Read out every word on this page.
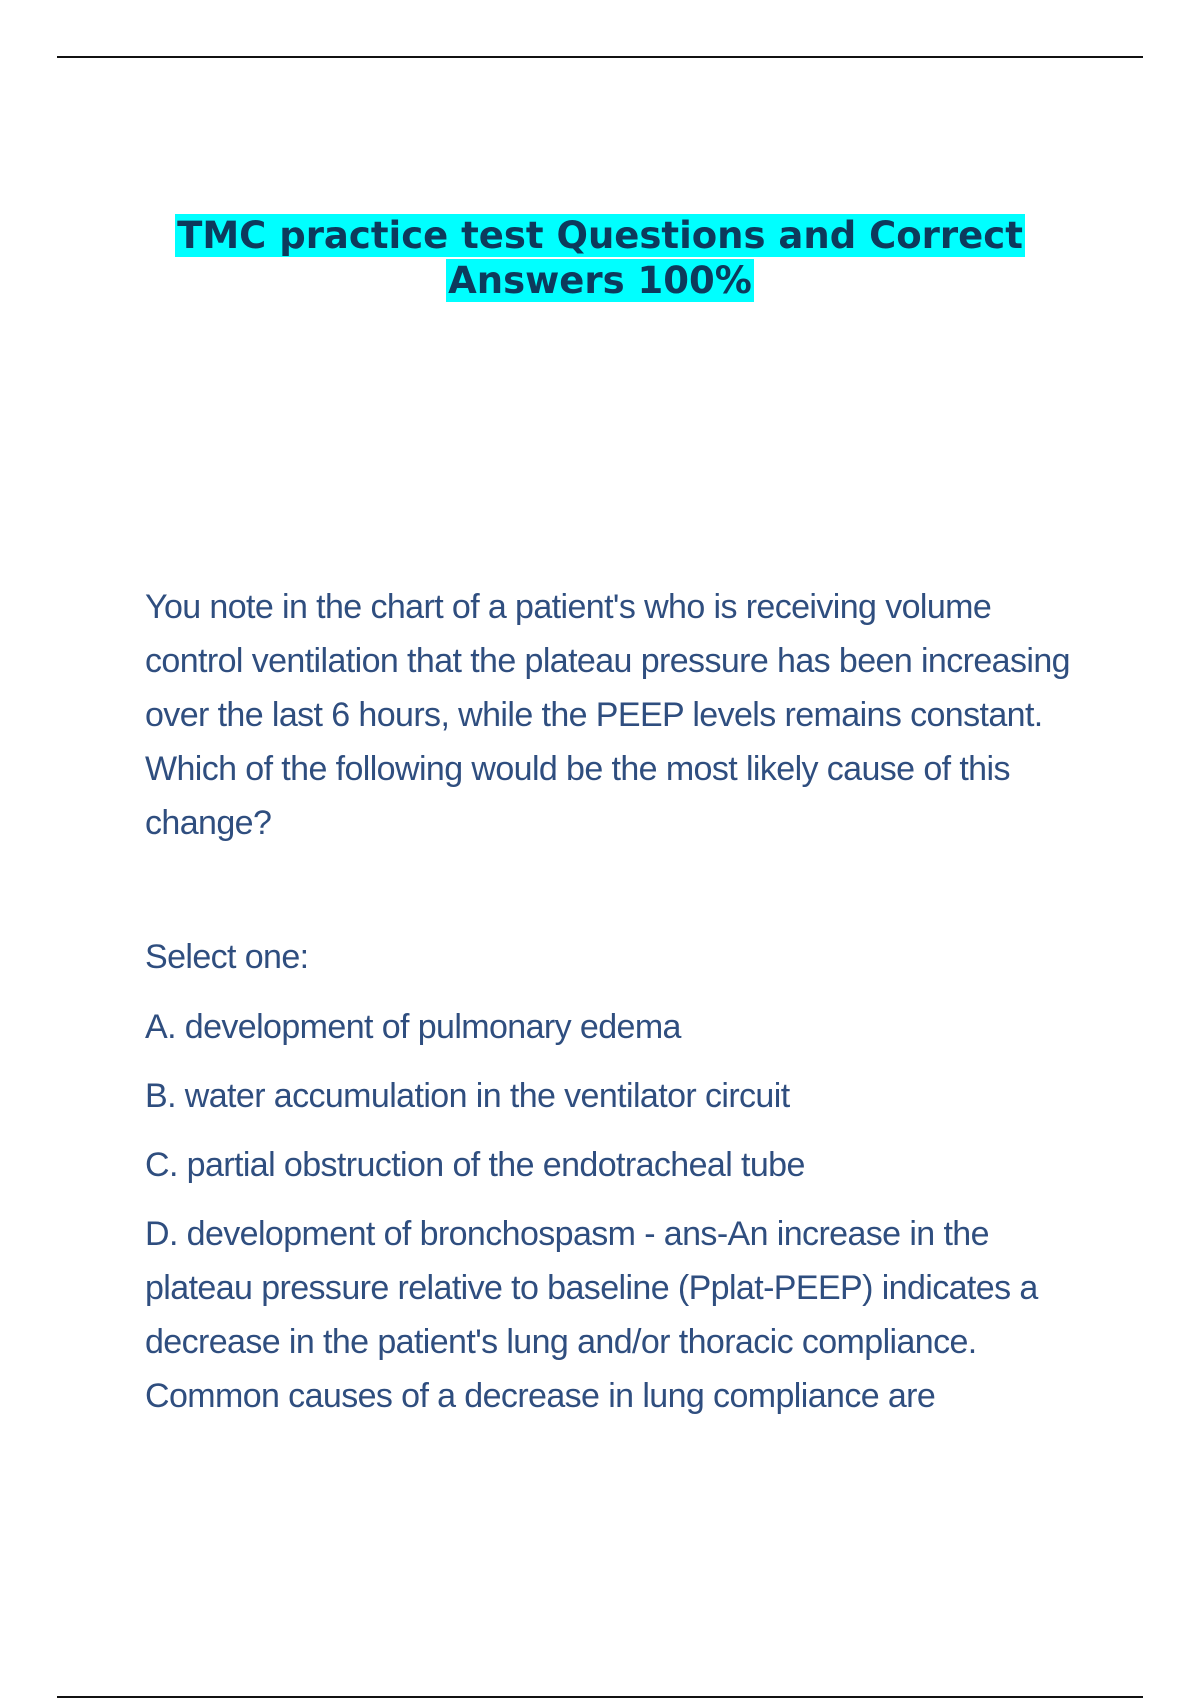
TMC practice test Questions and Correct Answers 100%
You note in the chart of a patient's who is receiving volume control ventilation that the plateau pressure has been increasing over the last 6 hours, while the PEEP levels remains constant. Which of the following would be the most likely cause of this change?
Select one:
A. development of pulmonary edema
B. water accumulation in the ventilator circuit
C. partial obstruction of the endotracheal tube
D. development of bronchospasm - ans-An increase in the plateau pressure relative to baseline (Pplat-PEEP) indicates a decrease in the patient's lung and/or thoracic compliance. Common causes of a decrease in lung compliance are
